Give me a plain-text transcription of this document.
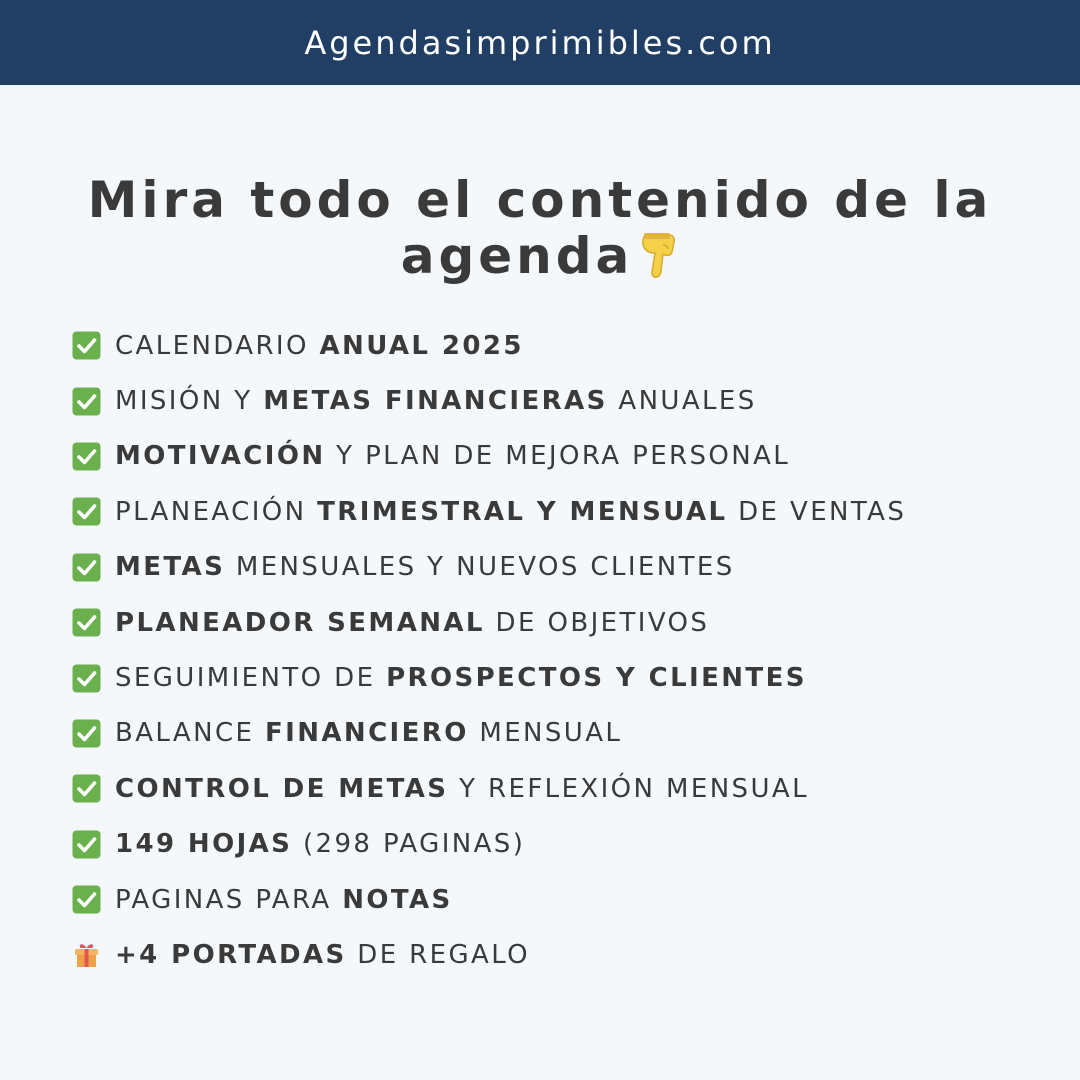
Agendasimprimibles.com
Mira todo el contenido de la agenda
CALENDARIO ANUAL 2025
MISIÓN Y METAS FINANCIERAS ANUALES
MOTIVACIÓN Y PLAN DE MEJORA PERSONAL
PLANEACIÓN TRIMESTRAL Y MENSUAL DE VENTAS
METAS MENSUALES Y NUEVOS CLIENTES
PLANEADOR SEMANAL DE OBJETIVOS
SEGUIMIENTO DE PROSPECTOS Y CLIENTES
BALANCE FINANCIERO MENSUAL
CONTROL DE METAS Y REFLEXIÓN MENSUAL
149 HOJAS (298 PAGINAS)
PAGINAS PARA NOTAS
+4 PORTADAS DE REGALO
